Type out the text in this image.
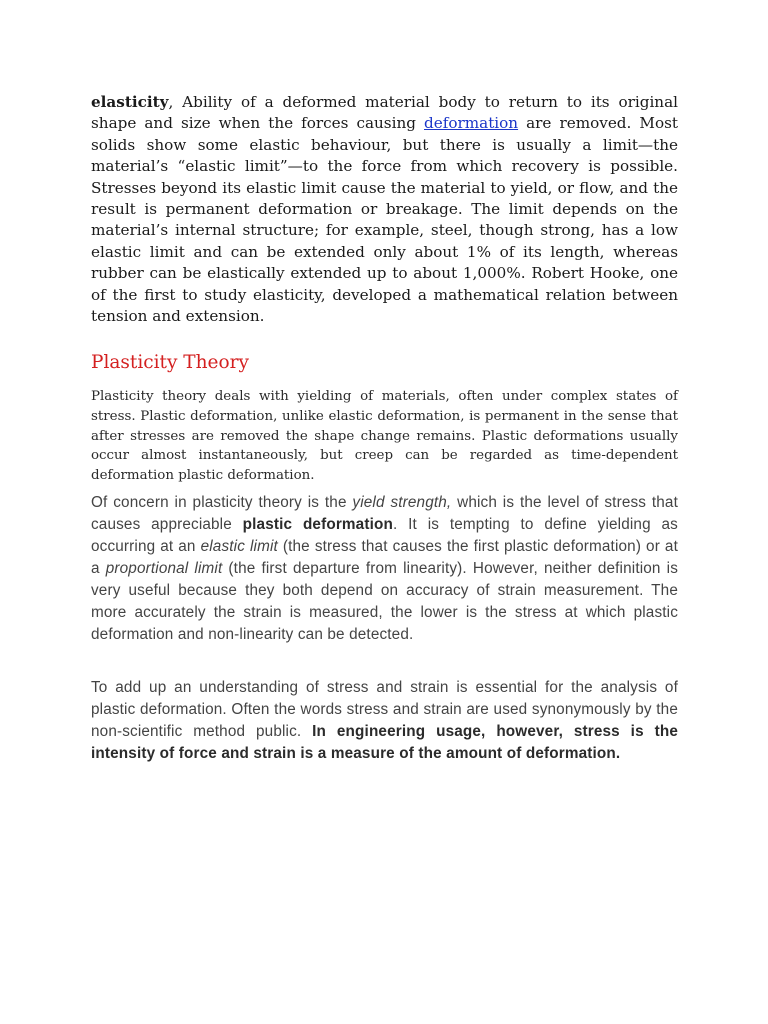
elasticity, Ability of a deformed material body to return to its original shape and size when the forces causing deformation are removed. Most solids show some elastic behaviour, but there is usually a limit—the material’s “elastic limit”—to the force from which recovery is possible. Stresses beyond its elastic limit cause the material to yield, or flow, and the result is permanent deformation or breakage. The limit depends on the material’s internal structure; for example, steel, though strong, has a low elastic limit and can be extended only about 1% of its length, whereas rubber can be elastically extended up to about 1,000%. Robert Hooke, one of the first to study elasticity, developed a mathematical relation between tension and extension.

Plasticity Theory

Plasticity theory deals with yielding of materials, often under complex states of stress. Plastic deformation, unlike elastic deformation, is permanent in the sense that after stresses are removed the shape change remains. Plastic deformations usually occur almost instantaneously, but creep can be regarded as time-dependent deformation plastic deformation.

Of concern in plasticity theory is the yield strength, which is the level of stress that causes appreciable plastic deformation. It is tempting to define yielding as occurring at an elastic limit (the stress that causes the first plastic deformation) or at a proportional limit (the first departure from linearity). However, neither definition is very useful because they both depend on accuracy of strain measurement. The more accurately the strain is measured, the lower is the stress at which plastic deformation and non-linearity can be detected.

To add up an understanding of stress and strain is essential for the analysis of plastic deformation. Often the words stress and strain are used synonymously by the non-scientific method public. In engineering usage, however, stress is the intensity of force and strain is a measure of the amount of deformation.
